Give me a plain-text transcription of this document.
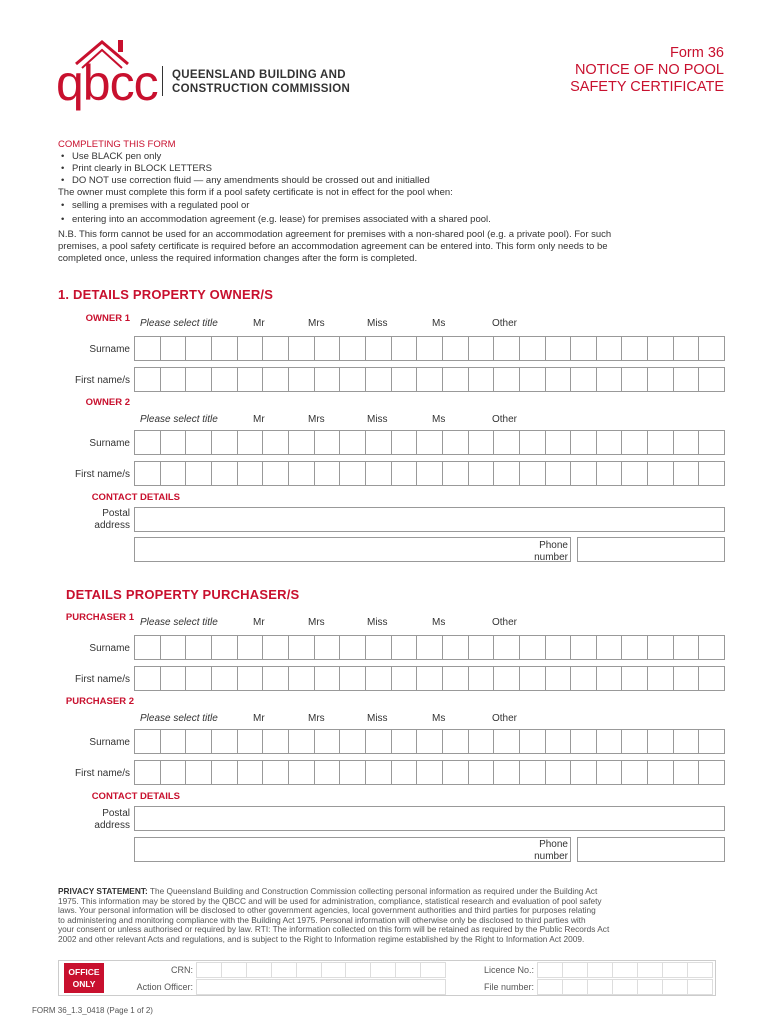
qbcc QUEENSLAND BUILDING AND
CONSTRUCTION COMMISSION
Form 36
NOTICE OF NO POOL
SAFETY CERTIFICATE
COMPLETING THIS FORM
• Use BLACK pen only
• Print clearly in BLOCK LETTERS
• DO NOT use correction fluid — any amendments should be crossed out and initialled
The owner must complete this form if a pool safety certificate is not in effect for the pool when:
• selling a premises with a regulated pool or
• entering into an accommodation agreement (e.g. lease) for premises associated with a shared pool.
N.B. This form cannot be used for an accommodation agreement for premises with a non-shared pool (e.g. a private pool). For such
premises, a pool safety certificate is required before an accommodation agreement can be entered into. This form only needs to be
completed once, unless the required information changes after the form is completed.
1. DETAILS PROPERTY OWNER/S
OWNER 1 Please select title	Mr	Mrs	Miss	Ms	Other
Surname
First name/s
OWNER 2
Please select title	Mr	Mrs	Miss	Ms	Other
Surname
First name/s
CONTACT DETAILS
Postal
address
Phone
number
DETAILS PROPERTY PURCHASER/S
PURCHASER 1 Please select title	Mr	Mrs	Miss	Ms	Other
Surname
First name/s
PURCHASER 2
Please select title	Mr	Mrs	Miss	Ms	Other
Surname
First name/s
CONTACT DETAILS
Postal
address
Phone
number
PRIVACY STATEMENT: The Queensland Building and Construction Commission collecting personal information as required under the Building Act
1975. This information may be stored by the QBCC and will be used for administration, compliance, statistical research and evaluation of pool safety
laws. Your personal information will be disclosed to other government agencies, local government authorities and third parties for purposes relating
to administering and monitoring compliance with the Building Act 1975. Personal information will otherwise only be disclosed to third parties with
your consent or unless authorised or required by law. RTI: The information collected on this form will be retained as required by the Public Records Act
2002 and other relevant Acts and regulations, and is subject to the Right to Information regime established by the Right to Information Act 2009.
OFFICE
ONLY
CRN:
Action Officer:
Licence No.:
File number:
FORM 36_1.3_0418 (Page 1 of 2)
